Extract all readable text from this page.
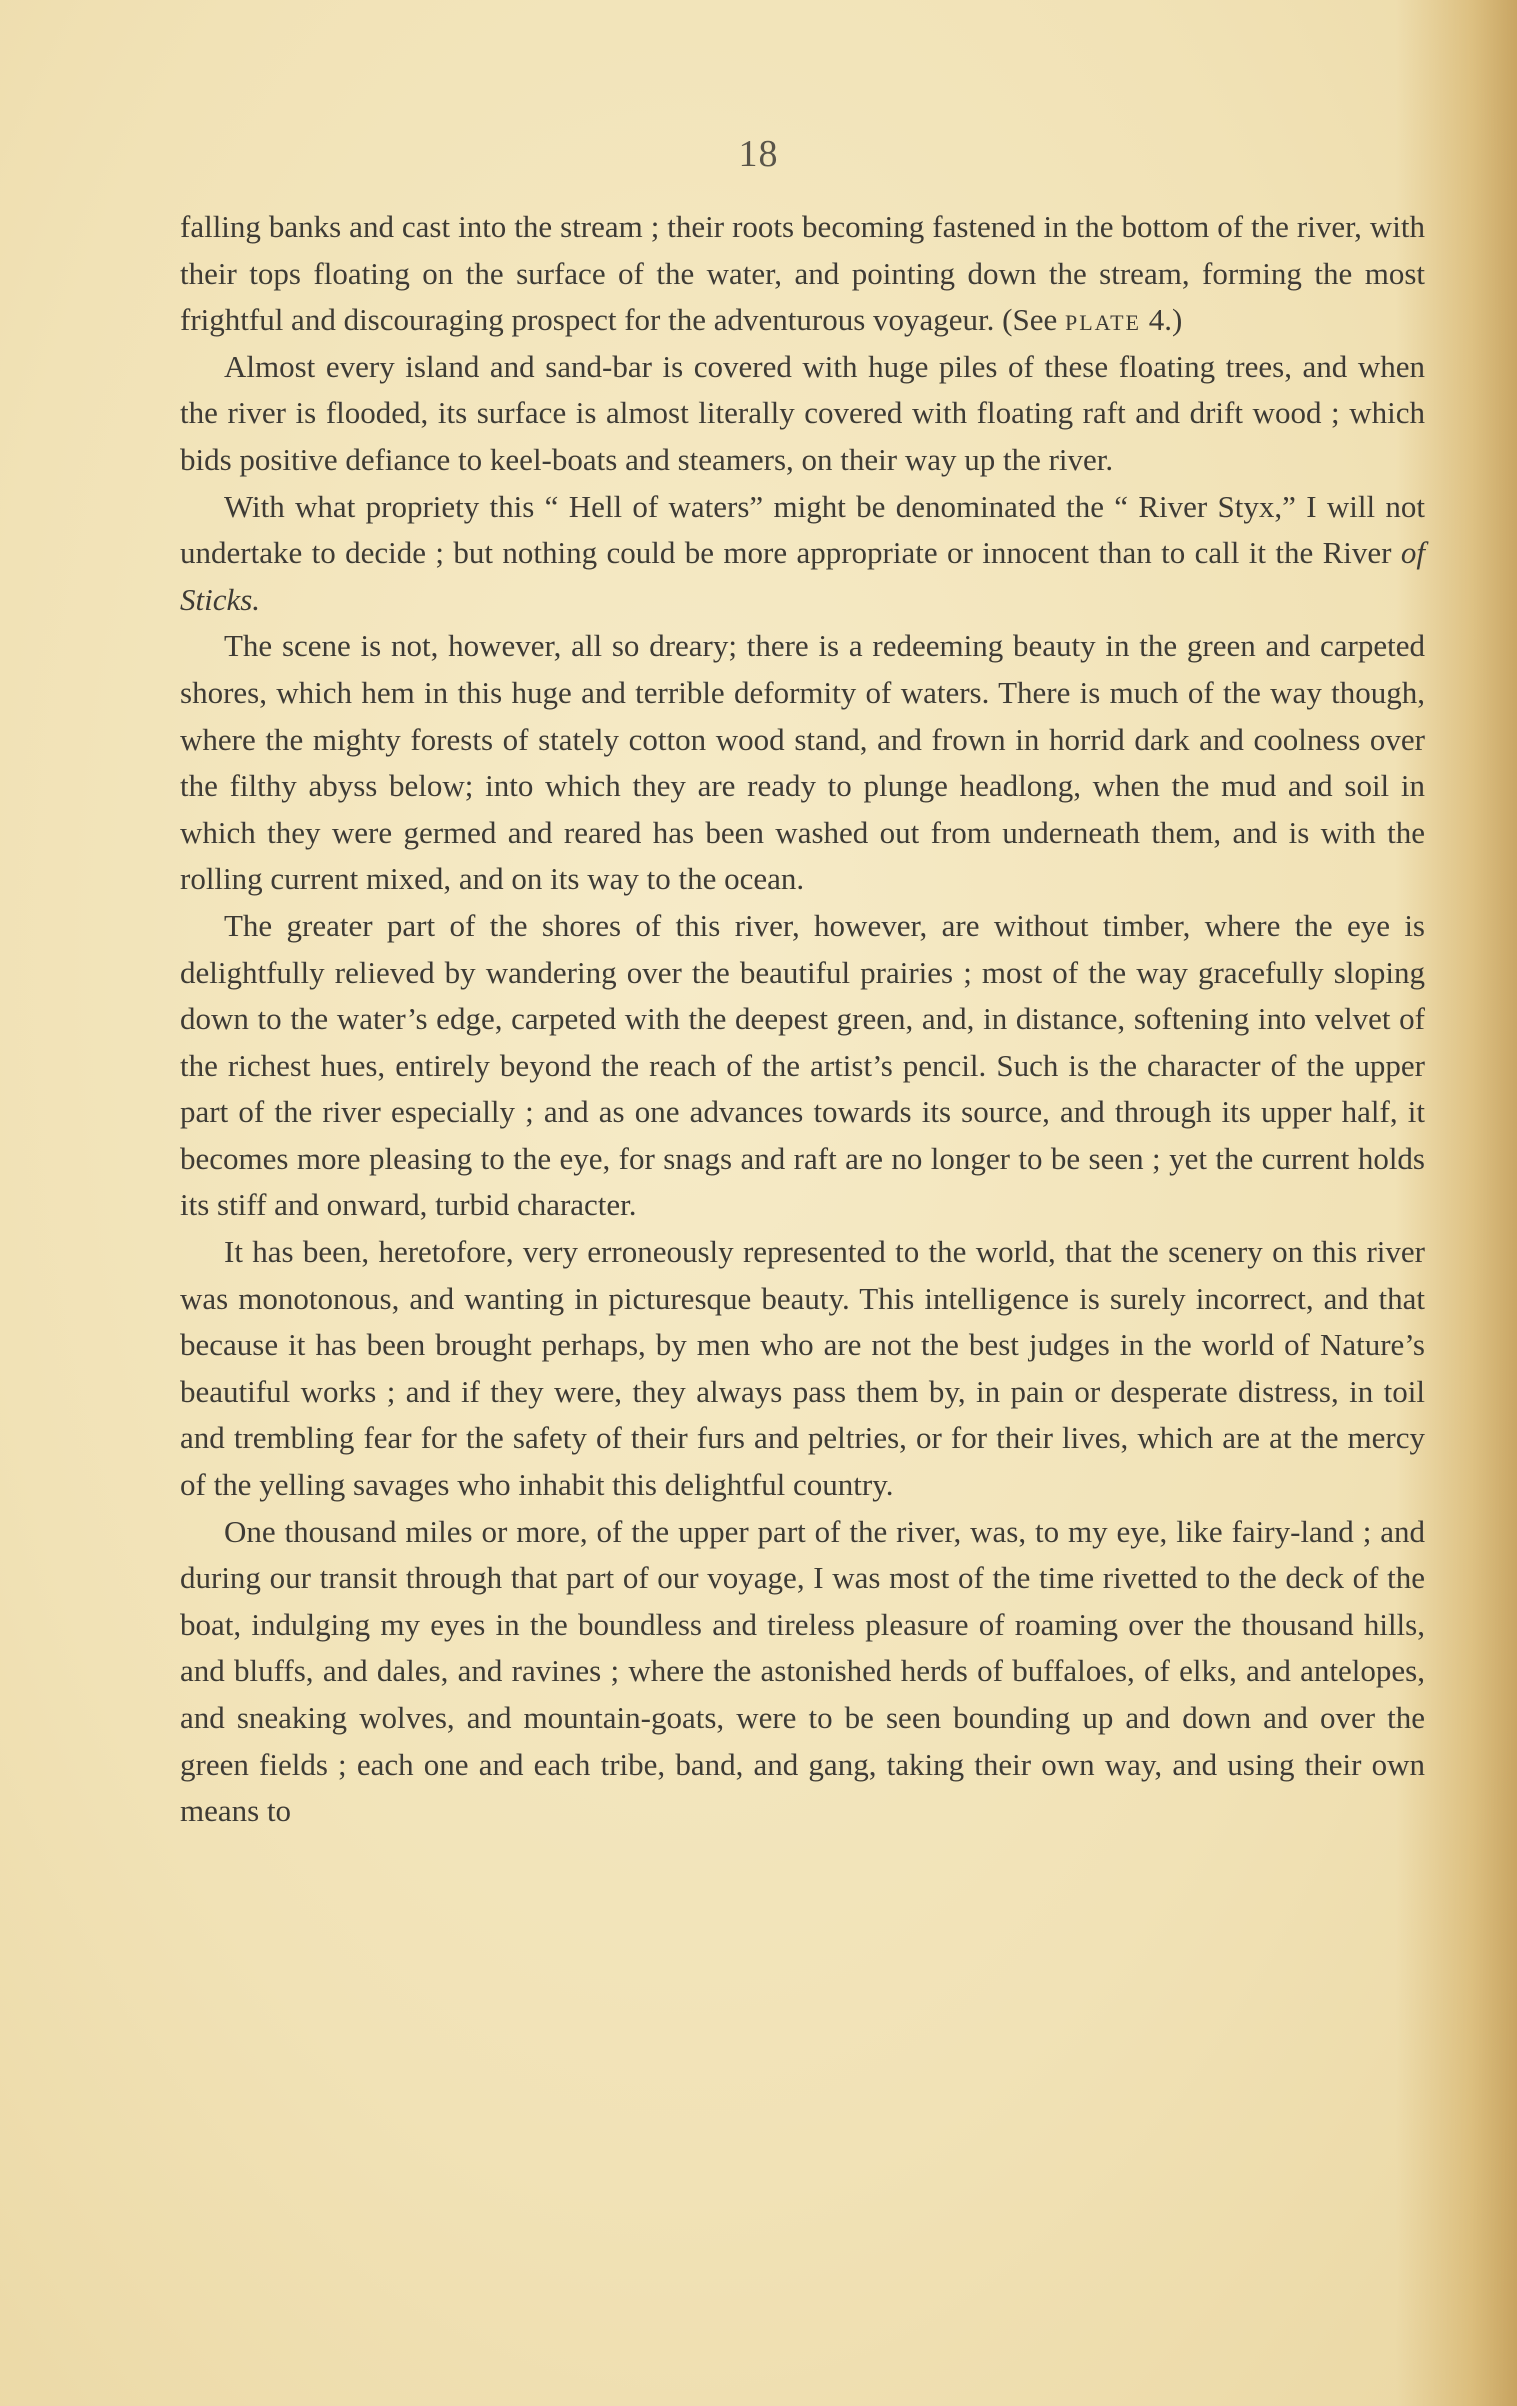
18

falling banks and cast into the stream ; their roots becoming fastened in the bottom of the river, with their tops floating on the surface of the water, and pointing down the stream, forming the most frightful and discouraging prospect for the adventurous voyageur. (See plate 4.)

Almost every island and sand-bar is covered with huge piles of these floating trees, and when the river is flooded, its surface is almost literally covered with floating raft and drift wood ; which bids positive defiance to keel-boats and steamers, on their way up the river.

With what propriety this “ Hell of waters” might be denominated the “ River Styx,” I will not undertake to decide ; but nothing could be more appropriate or innocent than to call it the River of Sticks.

The scene is not, however, all so dreary; there is a redeeming beauty in the green and carpeted shores, which hem in this huge and terrible deformity of waters. There is much of the way though, where the mighty forests of stately cotton wood stand, and frown in horrid dark and coolness over the filthy abyss below; into which they are ready to plunge headlong, when the mud and soil in which they were germed and reared has been washed out from underneath them, and is with the rolling current mixed, and on its way to the ocean.

The greater part of the shores of this river, however, are without timber, where the eye is delightfully relieved by wandering over the beautiful prairies ; most of the way gracefully sloping down to the water’s edge, carpeted with the deepest green, and, in distance, softening into velvet of the richest hues, entirely beyond the reach of the artist’s pencil. Such is the character of the upper part of the river especially ; and as one advances towards its source, and through its upper half, it becomes more pleasing to the eye, for snags and raft are no longer to be seen ; yet the current holds its stiff and onward, turbid character.

It has been, heretofore, very erroneously represented to the world, that the scenery on this river was monotonous, and wanting in picturesque beauty. This intelligence is surely incorrect, and that because it has been brought perhaps, by men who are not the best judges in the world of Nature’s beautiful works ; and if they were, they always pass them by, in pain or desperate distress, in toil and trembling fear for the safety of their furs and peltries, or for their lives, which are at the mercy of the yelling savages who inhabit this delightful country.

One thousand miles or more, of the upper part of the river, was, to my eye, like fairy-land ; and during our transit through that part of our voyage, I was most of the time rivetted to the deck of the boat, indulging my eyes in the boundless and tireless pleasure of roaming over the thousand hills, and bluffs, and dales, and ravines ; where the astonished herds of buffaloes, of elks, and antelopes, and sneaking wolves, and mountain-goats, were to be seen bounding up and down and over the green fields ; each one and each tribe, band, and gang, taking their own way, and using their own means to
